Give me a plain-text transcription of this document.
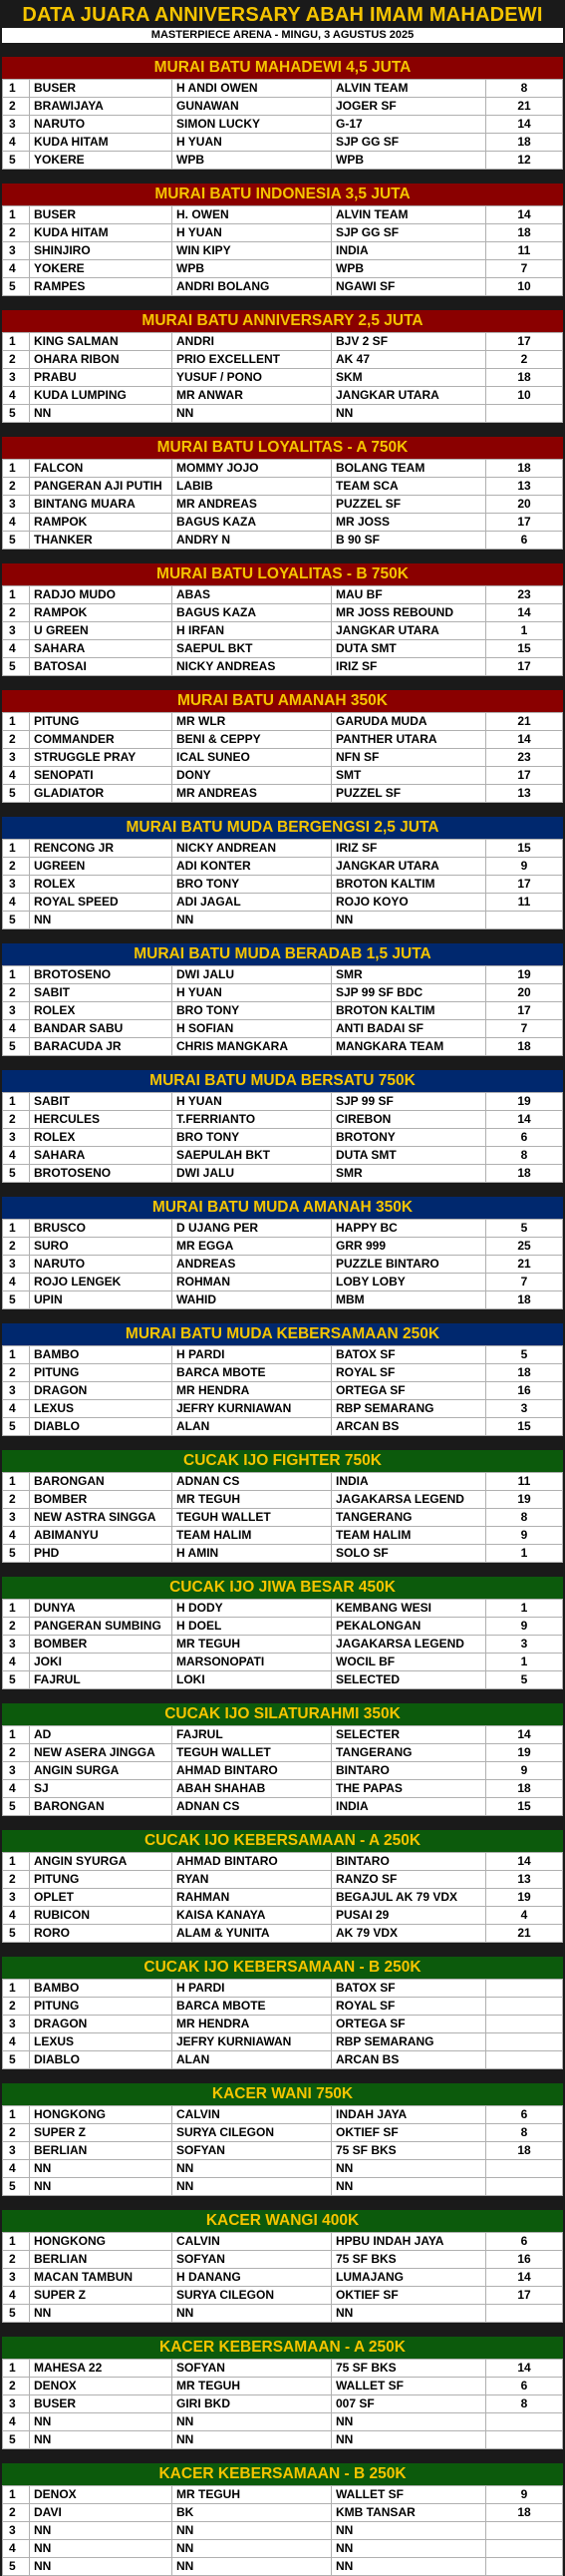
DATA JUARA ANNIVERSARY ABAH IMAM MAHADEWI
MASTERPIECE ARENA - MINGU, 3 AGUSTUS 2025
MURAI BATU MAHADEWI 4,5 JUTA
1	BUSER	H ANDI OWEN	ALVIN TEAM	8
2	BRAWIJAYA	GUNAWAN	JOGER SF	21
3	NARUTO	SIMON LUCKY	G-17	14
4	KUDA HITAM	H YUAN	SJP GG SF	18
5	YOKERE	WPB	WPB	12
MURAI BATU INDONESIA 3,5 JUTA
1	BUSER	H. OWEN	ALVIN TEAM	14
2	KUDA HITAM	H YUAN	SJP GG SF	18
3	SHINJIRO	WIN KIPY	INDIA	11
4	YOKERE	WPB	WPB	7
5	RAMPES	ANDRI BOLANG	NGAWI SF	10
MURAI BATU ANNIVERSARY 2,5 JUTA
1	KING SALMAN	ANDRI	BJV 2 SF	17
2	OHARA RIBON	PRIO EXCELLENT	AK 47	2
3	PRABU	YUSUF / PONO	SKM	18
4	KUDA LUMPING	MR ANWAR	JANGKAR UTARA	10
5	NN	NN	NN	
MURAI BATU LOYALITAS - A 750K
1	FALCON	MOMMY JOJO	BOLANG TEAM	18
2	PANGERAN AJI PUTIH	LABIB	TEAM SCA	13
3	BINTANG MUARA	MR ANDREAS	PUZZEL SF	20
4	RAMPOK	BAGUS KAZA	MR JOSS	17
5	THANKER	ANDRY N	B 90 SF	6
MURAI BATU LOYALITAS - B 750K
1	RADJO MUDO	ABAS	MAU BF	23
2	RAMPOK	BAGUS KAZA	MR JOSS REBOUND	14
3	U GREEN	H IRFAN	JANGKAR UTARA	1
4	SAHARA	SAEPUL BKT	DUTA SMT	15
5	BATOSAI	NICKY ANDREAS	IRIZ SF	17
MURAI BATU AMANAH 350K
1	PITUNG	MR WLR	GARUDA MUDA	21
2	COMMANDER	BENI & CEPPY	PANTHER UTARA	14
3	STRUGGLE PRAY	ICAL SUNEO	NFN SF	23
4	SENOPATI	DONY	SMT	17
5	GLADIATOR	MR ANDREAS	PUZZEL SF	13
MURAI BATU MUDA BERGENGSI 2,5 JUTA
1	RENCONG JR	NICKY ANDREAN	IRIZ SF	15
2	UGREEN	ADI KONTER	JANGKAR UTARA	9
3	ROLEX	BRO TONY	BROTON KALTIM	17
4	ROYAL SPEED	ADI JAGAL	ROJO KOYO	11
5	NN	NN	NN	
MURAI BATU MUDA BERADAB 1,5 JUTA
1	BROTOSENO	DWI JALU	SMR	19
2	SABIT	H YUAN	SJP 99 SF BDC	20
3	ROLEX	BRO TONY	BROTON KALTIM	17
4	BANDAR SABU	H SOFIAN	ANTI BADAI SF	7
5	BARACUDA JR	CHRIS MANGKARA	MANGKARA TEAM	18
MURAI BATU MUDA BERSATU 750K
1	SABIT	H YUAN	SJP 99 SF	19
2	HERCULES	T.FERRIANTO	CIREBON	14
3	ROLEX	BRO TONY	BROTONY	6
4	SAHARA	SAEPULAH BKT	DUTA SMT	8
5	BROTOSENO	DWI JALU	SMR	18
MURAI BATU MUDA AMANAH 350K
1	BRUSCO	D UJANG PER	HAPPY BC	5
2	SURO	MR EGGA	GRR 999	25
3	NARUTO	ANDREAS	PUZZLE BINTARO	21
4	ROJO LENGEK	ROHMAN	LOBY LOBY	7
5	UPIN	WAHID	MBM	18
MURAI BATU MUDA KEBERSAMAAN 250K
1	BAMBO	H PARDI	BATOX SF	5
2	PITUNG	BARCA MBOTE	ROYAL SF	18
3	DRAGON	MR HENDRA	ORTEGA SF	16
4	LEXUS	JEFRY KURNIAWAN	RBP SEMARANG	3
5	DIABLO	ALAN	ARCAN BS	15
CUCAK IJO FIGHTER 750K
1	BARONGAN	ADNAN CS	INDIA	11
2	BOMBER	MR TEGUH	JAGAKARSA LEGEND	19
3	NEW ASTRA SINGGA	TEGUH WALLET	TANGERANG	8
4	ABIMANYU	TEAM HALIM	TEAM HALIM	9
5	PHD	H AMIN	SOLO SF	1
CUCAK IJO JIWA BESAR 450K
1	DUNYA	H DODY	KEMBANG WESI	1
2	PANGERAN SUMBING	H DOEL	PEKALONGAN	9
3	BOMBER	MR TEGUH	JAGAKARSA LEGEND	3
4	JOKI	MARSONOPATI	WOCIL BF	1
5	FAJRUL	LOKI	SELECTED	5
CUCAK IJO SILATURAHMI 350K
1	AD	FAJRUL	SELECTER	14
2	NEW ASERA JINGGA	TEGUH WALLET	TANGERANG	19
3	ANGIN SURGA	AHMAD BINTARO	BINTARO	9
4	SJ	ABAH SHAHAB	THE PAPAS	18
5	BARONGAN	ADNAN CS	INDIA	15
CUCAK IJO KEBERSAMAAN - A 250K
1	ANGIN SYURGA	AHMAD BINTARO	BINTARO	14
2	PITUNG	RYAN	RANZO SF	13
3	OPLET	RAHMAN	BEGAJUL AK 79 VDX	19
4	RUBICON	KAISA KANAYA	PUSAI 29	4
5	RORO	ALAM & YUNITA	AK 79 VDX	21
CUCAK IJO KEBERSAMAAN - B 250K
1	BAMBO	H PARDI	BATOX SF	
2	PITUNG	BARCA MBOTE	ROYAL SF	
3	DRAGON	MR HENDRA	ORTEGA SF	
4	LEXUS	JEFRY KURNIAWAN	RBP SEMARANG	
5	DIABLO	ALAN	ARCAN BS	
KACER WANI 750K
1	HONGKONG	CALVIN	INDAH JAYA	6
2	SUPER Z	SURYA CILEGON	OKTIEF SF	8
3	BERLIAN	SOFYAN	75 SF BKS	18
4	NN	NN	NN	
5	NN	NN	NN	
KACER WANGI 400K
1	HONGKONG	CALVIN	HPBU INDAH JAYA	6
2	BERLIAN	SOFYAN	75 SF BKS	16
3	MACAN TAMBUN	H DANANG	LUMAJANG	14
4	SUPER Z	SURYA CILEGON	OKTIEF SF	17
5	NN	NN	NN	
KACER KEBERSAMAAN - A 250K
1	MAHESA 22	SOFYAN	75 SF BKS	14
2	DENOX	MR TEGUH	WALLET SF	6
3	BUSER	GIRI BKD	007 SF	8
4	NN	NN	NN	
5	NN	NN	NN	
KACER KEBERSAMAAN - B 250K
1	DENOX	MR TEGUH	WALLET SF	9
2	DAVI	BK	KMB TANSAR	18
3	NN	NN	NN	
4	NN	NN	NN	
5	NN	NN	NN	
